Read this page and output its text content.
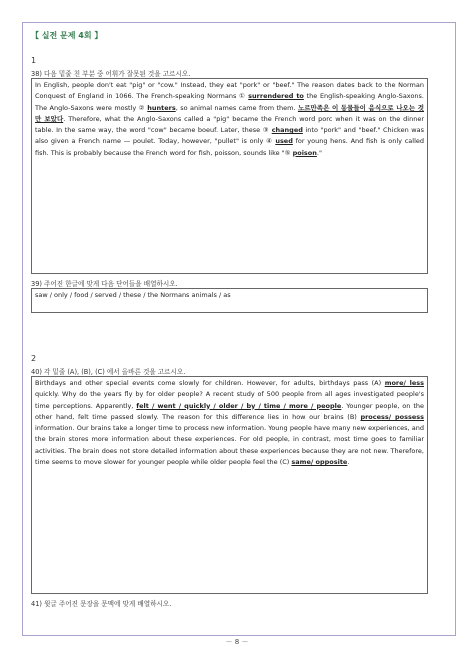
【 실전 문제 4회 】
1
38) 다음 밑줄 친 부분 중 어휘가 잘못된 것을 고르시오.
In English, people don't eat "pig" or "cow." Instead, they eat "pork" or "beef." The reason dates back to the Norman Conquest of England in 1066. The French-speaking Normans ① surrendered to the English-speaking Anglo-Saxons. The Anglo-Saxons were mostly ② hunters, so animal names came from them. 노르만족은 이 동물들이 음식으로 나오는 것만 보았다. Therefore, what the Anglo-Saxons called a "pig" became the French word porc when it was on the dinner table. In the same way, the word "cow" became boeuf. Later, these ③ changed into "pork" and "beef." Chicken was also given a French name — poulet. Today, however, "pullet" is only ④ used for young hens. And fish is only called fish. This is probably because the French word for fish, poisson, sounds like "⑤ poison."
39) 주어진 한글에 맞게 다음 단어들을 배열하시오.
saw / only / food / served / these / the Normans animals / as
2
40) 각 밑줄 (A), (B), (C) 에서 올바른 것을 고르시오.
Birthdays and other special events come slowly for children. However, for adults, birthdays pass (A) more/ less quickly. Why do the years fly by for older people? A recent study of 500 people from all ages investigated people's time perceptions. Apparently, felt / went / quickly / older / by / time / more / people. Younger people, on the other hand, felt time passed slowly. The reason for this difference lies in how our brains (B) process/ possess information. Our brains take a longer time to process new information. Young people have many new experiences, and the brain stores more information about these experiences. For old people, in contrast, most time goes to familiar activities. The brain does not store detailed information about these experiences because they are not new. Therefore, time seems to move slower for younger people while older people feel the (C) same/ opposite.
41) 윗글 주어진 문장을 문맥에 맞게 배열하시오.
－ 8 －
